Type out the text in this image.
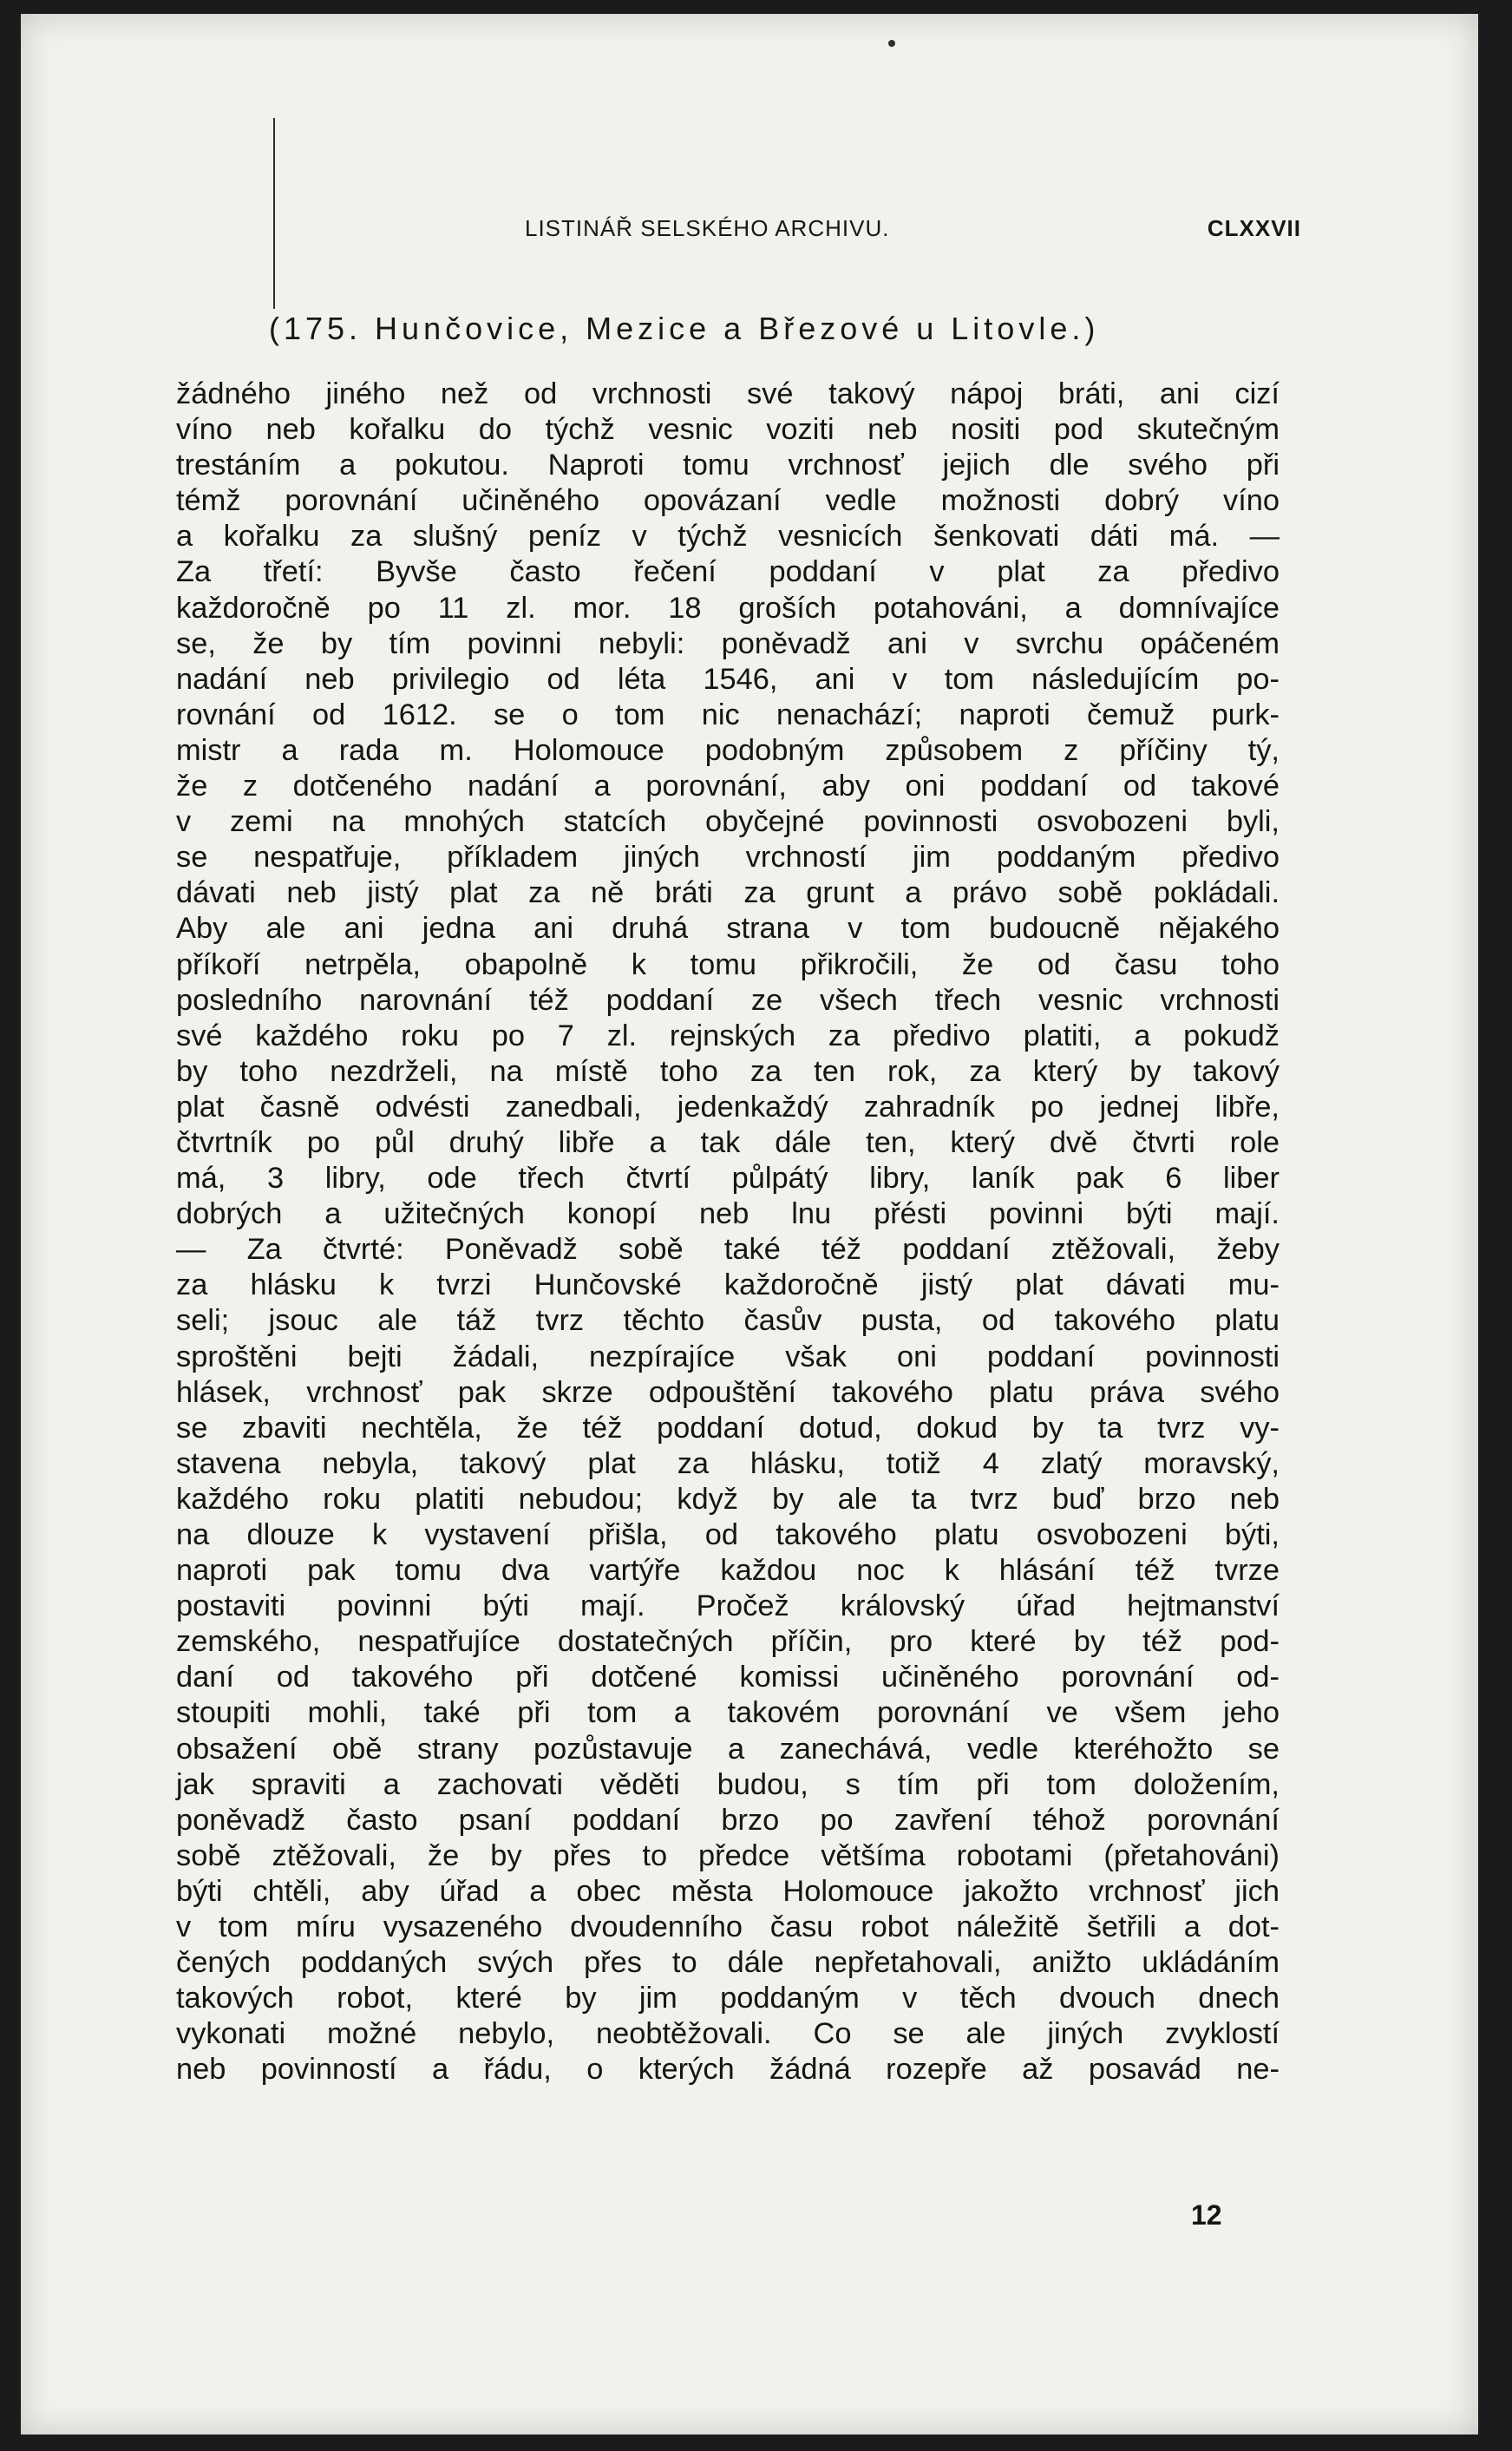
LISTINÁŘ SELSKÉHO ARCHIVU.	CLXXVII
(175. Hunčovice, Mezice a Březové u Litovle.)
žádného jiného než od vrchnosti své takový nápoj bráti, ani cizí
víno neb kořalku do týchž vesnic voziti neb nositi pod skutečným
trestáním a pokutou. Naproti tomu vrchnosť jejich dle svého při
témž porovnání učiněného opovázaní vedle možnosti dobrý víno
a kořalku za slušný peníz v týchž vesnicích šenkovati dáti má. —
Za třetí: Byvše často řečení poddaní v plat za předivo
každoročně po 11 zl. mor. 18 groších potahováni, a domnívajíce
se, že by tím povinni nebyli: poněvadž ani v svrchu opáčeném
nadání neb privilegio od léta 1546, ani v tom následujícím po-
rovnání od 1612. se o tom nic nenachází; naproti čemuž purk-
mistr a rada m. Holomouce podobným způsobem z příčiny tý,
že z dotčeného nadání a porovnání, aby oni poddaní od takové
v zemi na mnohých statcích obyčejné povinnosti osvobozeni byli,
se nespatřuje, příkladem jiných vrchností jim poddaným předivo
dávati neb jistý plat za ně bráti za grunt a právo sobě pokládali.
Aby ale ani jedna ani druhá strana v tom budoucně nějakého
příkoří netrpěla, obapolně k tomu přikročili, že od času toho
posledního narovnání též poddaní ze všech třech vesnic vrchnosti
své každého roku po 7 zl. rejnských za předivo platiti, a pokudž
by toho nezdrželi, na místě toho za ten rok, za který by takový
plat časně odvésti zanedbali, jedenkaždý zahradník po jednej libře,
čtvrtník po půl druhý libře a tak dále ten, který dvě čtvrti role
má, 3 libry, ode třech čtvrtí půlpátý libry, laník pak 6 liber
dobrých a užitečných konopí neb lnu přésti povinni býti mají.
— Za čtvrté: Poněvadž sobě také též poddaní ztěžovali, žeby
za hlásku k tvrzi Hunčovské každoročně jistý plat dávati mu-
seli; jsouc ale táž tvrz těchto časův pusta, od takového platu
sproštěni bejti žádali, nezpírajíce však oni poddaní povinnosti
hlásek, vrchnosť pak skrze odpouštění takového platu práva svého
se zbaviti nechtěla, že též poddaní dotud, dokud by ta tvrz vy-
stavena nebyla, takový plat za hlásku, totiž 4 zlatý moravský,
každého roku platiti nebudou; když by ale ta tvrz buď brzo neb
na dlouze k vystavení přišla, od takového platu osvobozeni býti,
naproti pak tomu dva vartýře každou noc k hlásání též tvrze
postaviti povinni býti mají. Pročež královský úřad hejtmanství
zemského, nespatřujíce dostatečných příčin, pro které by též pod-
daní od takového při dotčené komissi učiněného porovnání od-
stoupiti mohli, také při tom a takovém porovnání ve všem jeho
obsažení obě strany pozůstavuje a zanechává, vedle kteréhožto se
jak spraviti a zachovati věděti budou, s tím při tom doložením,
poněvadž často psaní poddaní brzo po zavření téhož porovnání
sobě ztěžovali, že by přes to předce většíma robotami (přetahováni)
býti chtěli, aby úřad a obec města Holomouce jakožto vrchnosť jich
v tom míru vysazeného dvoudenního času robot náležitě šetřili a dot-
čených poddaných svých přes to dále nepřetahovali, anižto ukládáním
takových robot, které by jim poddaným v těch dvouch dnech
vykonati možné nebylo, neobtěžovali. Co se ale jiných zvyklostí
neb povinností a řádu, o kterých žádná rozepře až posavád ne-
12
